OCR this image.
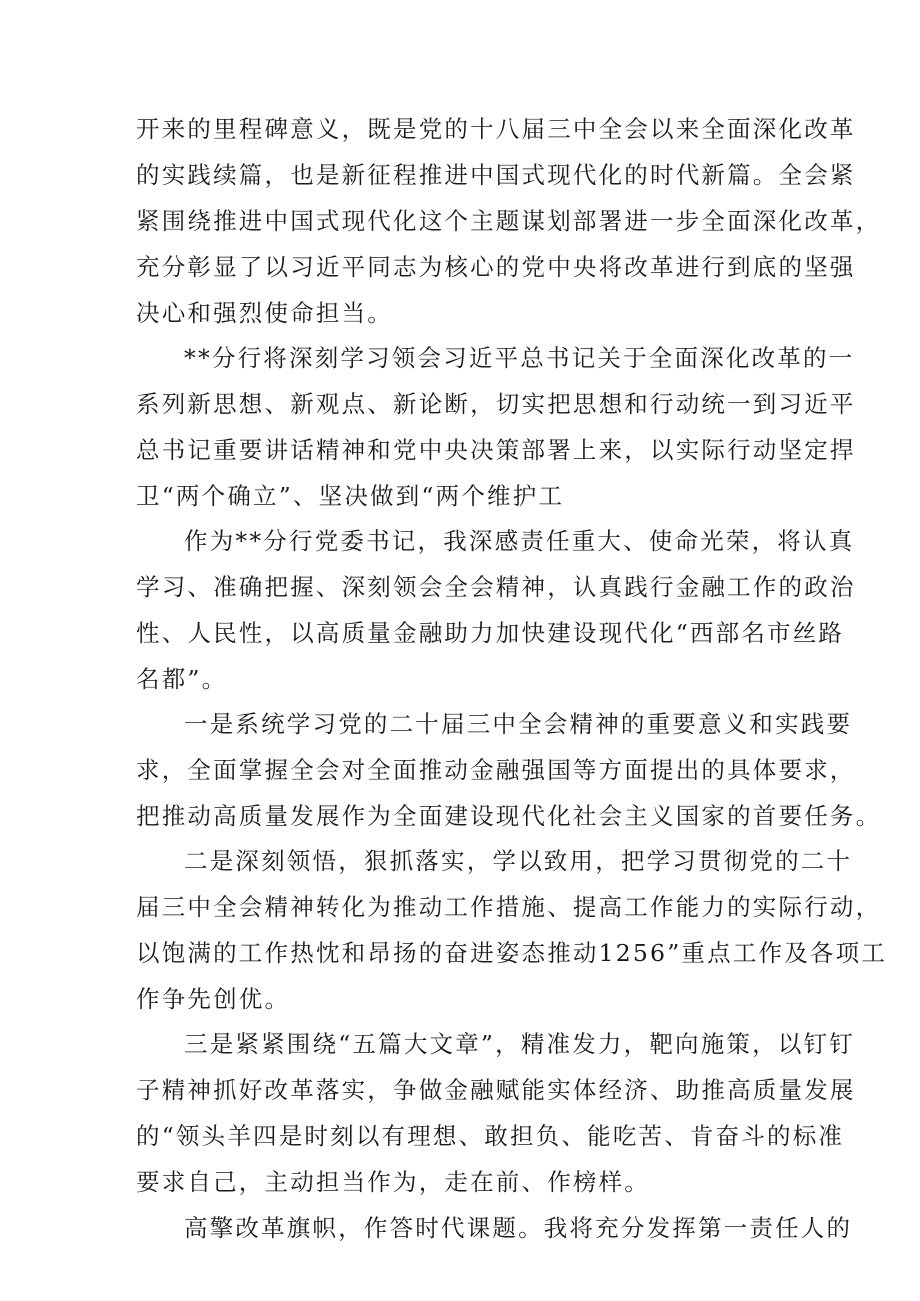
开来的里程碑意义，既是党的十八届三中全会以来全面深化改革
的实践续篇，也是新征程推进中国式现代化的时代新篇。全会紧
紧围绕推进中国式现代化这个主题谋划部署进一步全面深化改革，
充分彰显了以习近平同志为核心的党中央将改革进行到底的坚强
决心和强烈使命担当。
**分行将深刻学习领会习近平总书记关于全面深化改革的一
系列新思想、新观点、新论断，切实把思想和行动统一到习近平
总书记重要讲话精神和党中央决策部署上来，以实际行动坚定捍
卫“两个确立”、坚决做到“两个维护工
作为**分行党委书记，我深感责任重大、使命光荣，将认真
学习、准确把握、深刻领会全会精神，认真践行金融工作的政治
性、人民性，以高质量金融助力加快建设现代化“西部名市丝路
名都”。
一是系统学习党的二十届三中全会精神的重要意义和实践要
求，全面掌握全会对全面推动金融强国等方面提出的具体要求，
把推动高质量发展作为全面建设现代化社会主义国家的首要任务。
二是深刻领悟，狠抓落实，学以致用，把学习贯彻党的二十
届三中全会精神转化为推动工作措施、提高工作能力的实际行动，
以饱满的工作热忱和昂扬的奋进姿态推动1256”重点工作及各项工
作争先创优。
三是紧紧围绕“五篇大文章”，精准发力，靶向施策，以钉钉
子精神抓好改革落实，争做金融赋能实体经济、助推高质量发展
的“领头羊四是时刻以有理想、敢担负、能吃苦、肯奋斗的标准
要求自己，主动担当作为，走在前、作榜样。
高擎改革旗帜，作答时代课题。我将充分发挥第一责任人的
